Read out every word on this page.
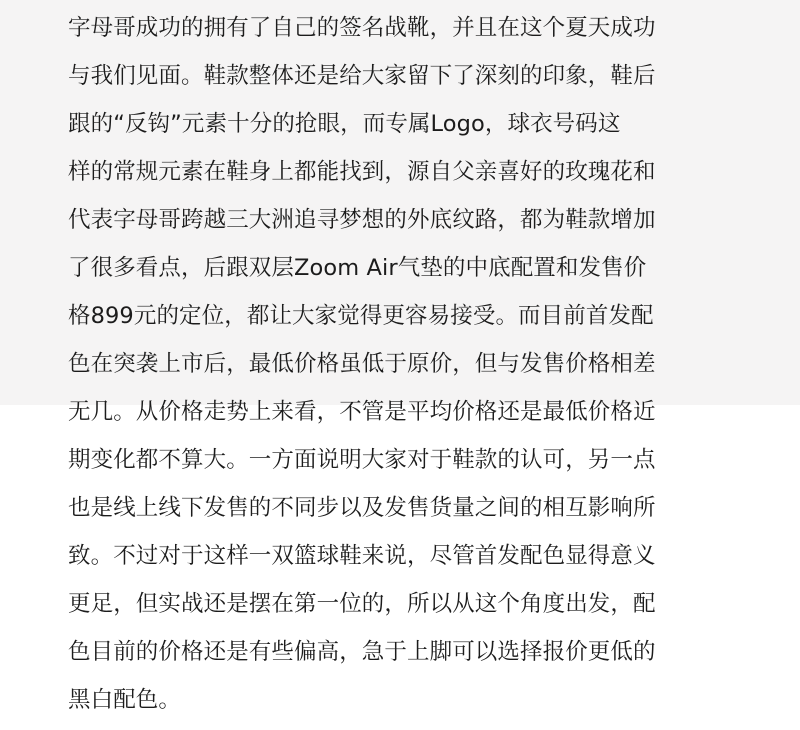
字母哥成功的拥有了自己的签名战靴，并且在这个夏天成功
与我们见面。鞋款整体还是给大家留下了深刻的印象，鞋后
跟的“反钩”元素十分的抢眼，而专属Logo，球衣号码这
样的常规元素在鞋身上都能找到，源自父亲喜好的玫瑰花和
代表字母哥跨越三大洲追寻梦想的外底纹路，都为鞋款增加
了很多看点，后跟双层Zoom Air气垫的中底配置和发售价
格899元的定位，都让大家觉得更容易接受。而目前首发配
色在突袭上市后，最低价格虽低于原价，但与发售价格相差
无几。从价格走势上来看，不管是平均价格还是最低价格近
期变化都不算大。一方面说明大家对于鞋款的认可，另一点
也是线上线下发售的不同步以及发售货量之间的相互影响所
致。不过对于这样一双篮球鞋来说，尽管首发配色显得意义
更足，但实战还是摆在第一位的，所以从这个角度出发，配
色目前的价格还是有些偏高，急于上脚可以选择报价更低的
黑白配色。
